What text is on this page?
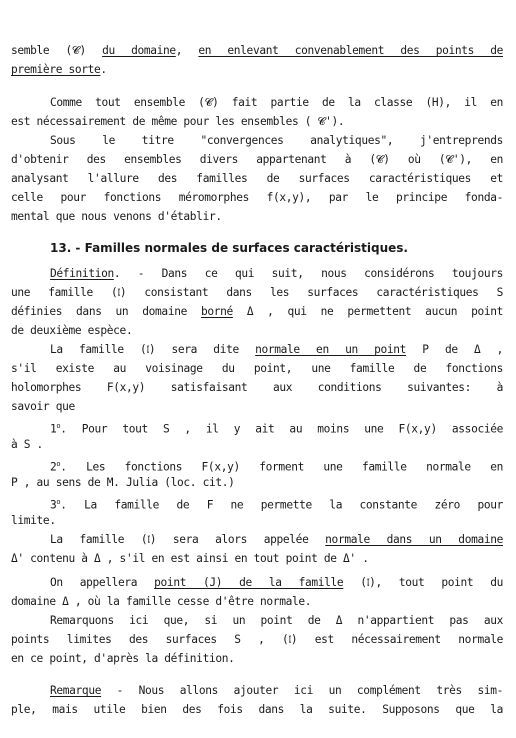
13. - Familles normales de surfaces caractéristiques.
semble (𝓒) du domaine, en enlevant convenablement des points de
première sorte.
Comme tout ensemble (𝓒) fait partie de la classe (H), il en
est nécessairement de même pour les ensembles ( 𝓒').
Sous le titre "convergences analytiques", j'entreprends
d'obtenir des ensembles divers appartenant à (𝓒) où (𝓒'), en
analysant l'allure des familles de surfaces caractéristiques et
celle pour fonctions méromorphes f(x,y), par le principe fonda-
mental que nous venons d'établir.
Définition. - Dans ce qui suit, nous considérons toujours
une famille (𝔩) consistant dans les surfaces caractéristiques S
définies dans un domaine borné Δ , qui ne permettent aucun point
de deuxième espèce.
La famille (𝔩) sera dite normale en un point P de Δ ,
s'il existe au voisinage du point, une famille de fonctions
holomorphes F(x,y) satisfaisant aux conditions suivantes: à
savoir que
1$^o$. Pour tout S , il y ait au moins une F(x,y) associée
à S .
2$^o$. Les fonctions F(x,y) forment une famille normale en
P , au sens de M. Julia (loc. cit.)
3$^o$. La famille de F ne permette la constante zéro pour
limite.
La famille (𝔩) sera alors appelée normale dans un domaine
Δ' contenu à Δ , s'il en est ainsi en tout point de Δ' .
On appellera point (J) de la famille (𝔩), tout point du
domaine Δ , où la famille cesse d'être normale.
Remarquons ici que, si un point de Δ n'appartient pas aux
points limites des surfaces S , (𝔩) est nécessairement normale
en ce point, d'après la définition.
Remarque - Nous allons ajouter ici un complément très sim-
ple, mais utile bien des fois dans la suite. Supposons que la
